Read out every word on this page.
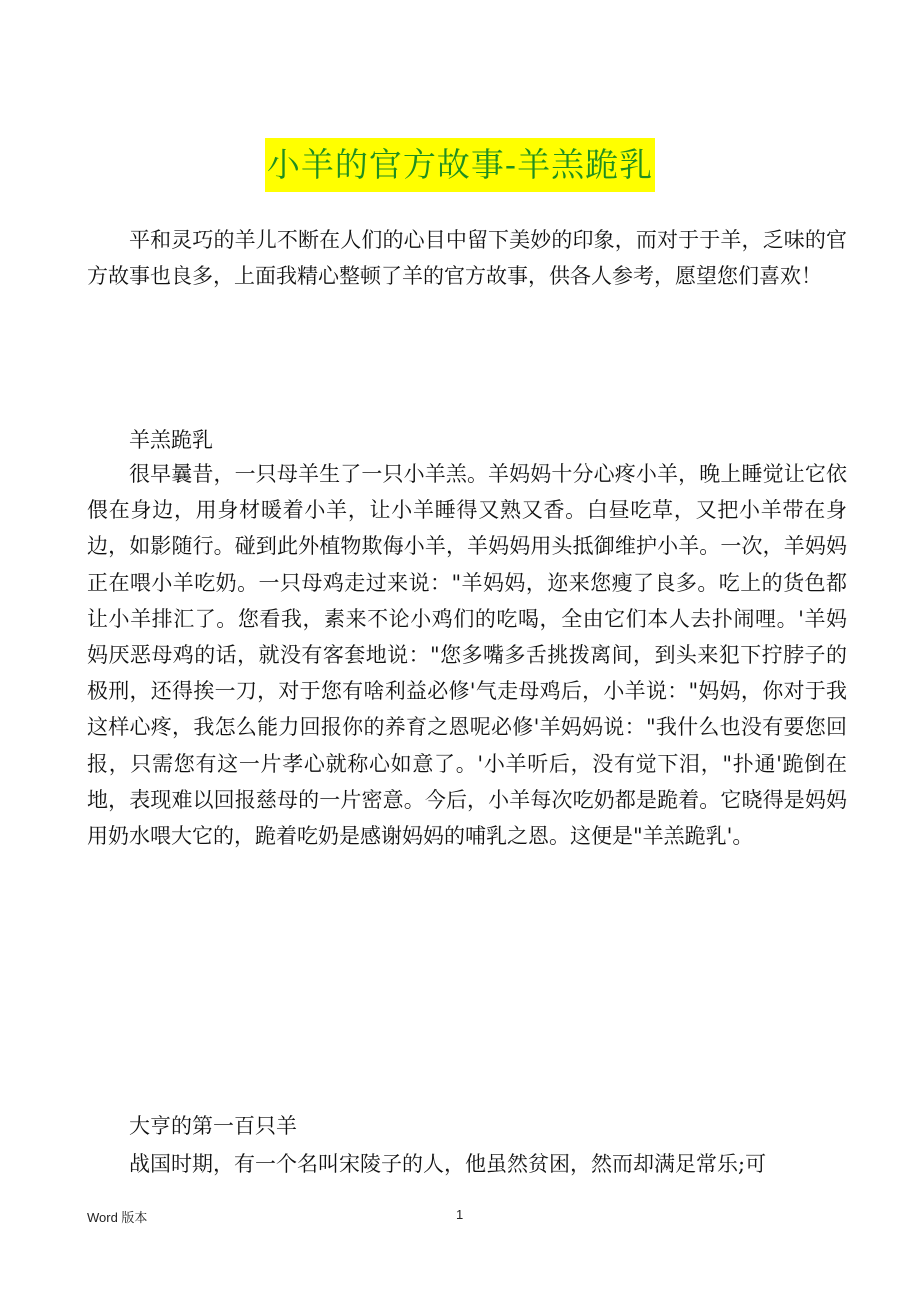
小羊的官方故事-羊羔跪乳
平和灵巧的羊儿不断在人们的心目中留下美妙的印象，而对于于羊，乏味的官方故事也良多，上面我精心整顿了羊的官方故事，供各人参考，愿望您们喜欢！
羊羔跪乳
很早曩昔，一只母羊生了一只小羊羔。羊妈妈十分心疼小羊，晚上睡觉让它依偎在身边，用身材暖着小羊，让小羊睡得又熟又香。白昼吃草，又把小羊带在身边，如影随行。碰到此外植物欺侮小羊，羊妈妈用头抵御维护小羊。一次，羊妈妈正在喂小羊吃奶。一只母鸡走过来说："羊妈妈，迩来您瘦了良多。吃上的货色都让小羊排汇了。您看我，素来不论小鸡们的吃喝，全由它们本人去扑闹哩。'羊妈妈厌恶母鸡的话，就没有客套地说："您多嘴多舌挑拨离间，到头来犯下拧脖子的极刑，还得挨一刀，对于您有啥利益必修'气走母鸡后，小羊说："妈妈，你对于我这样心疼，我怎么能力回报你的养育之恩呢必修'羊妈妈说："我什么也没有要您回报，只需您有这一片孝心就称心如意了。'小羊听后，没有觉下泪，"扑通'跪倒在地，表现难以回报慈母的一片密意。今后，小羊每次吃奶都是跪着。它晓得是妈妈用奶水喂大它的，跪着吃奶是感谢妈妈的哺乳之恩。这便是"羊羔跪乳'。
大亨的第一百只羊
战国时期，有一个名叫宋陵子的人，他虽然贫困，然而却满足常乐;可
Word 版本	1
